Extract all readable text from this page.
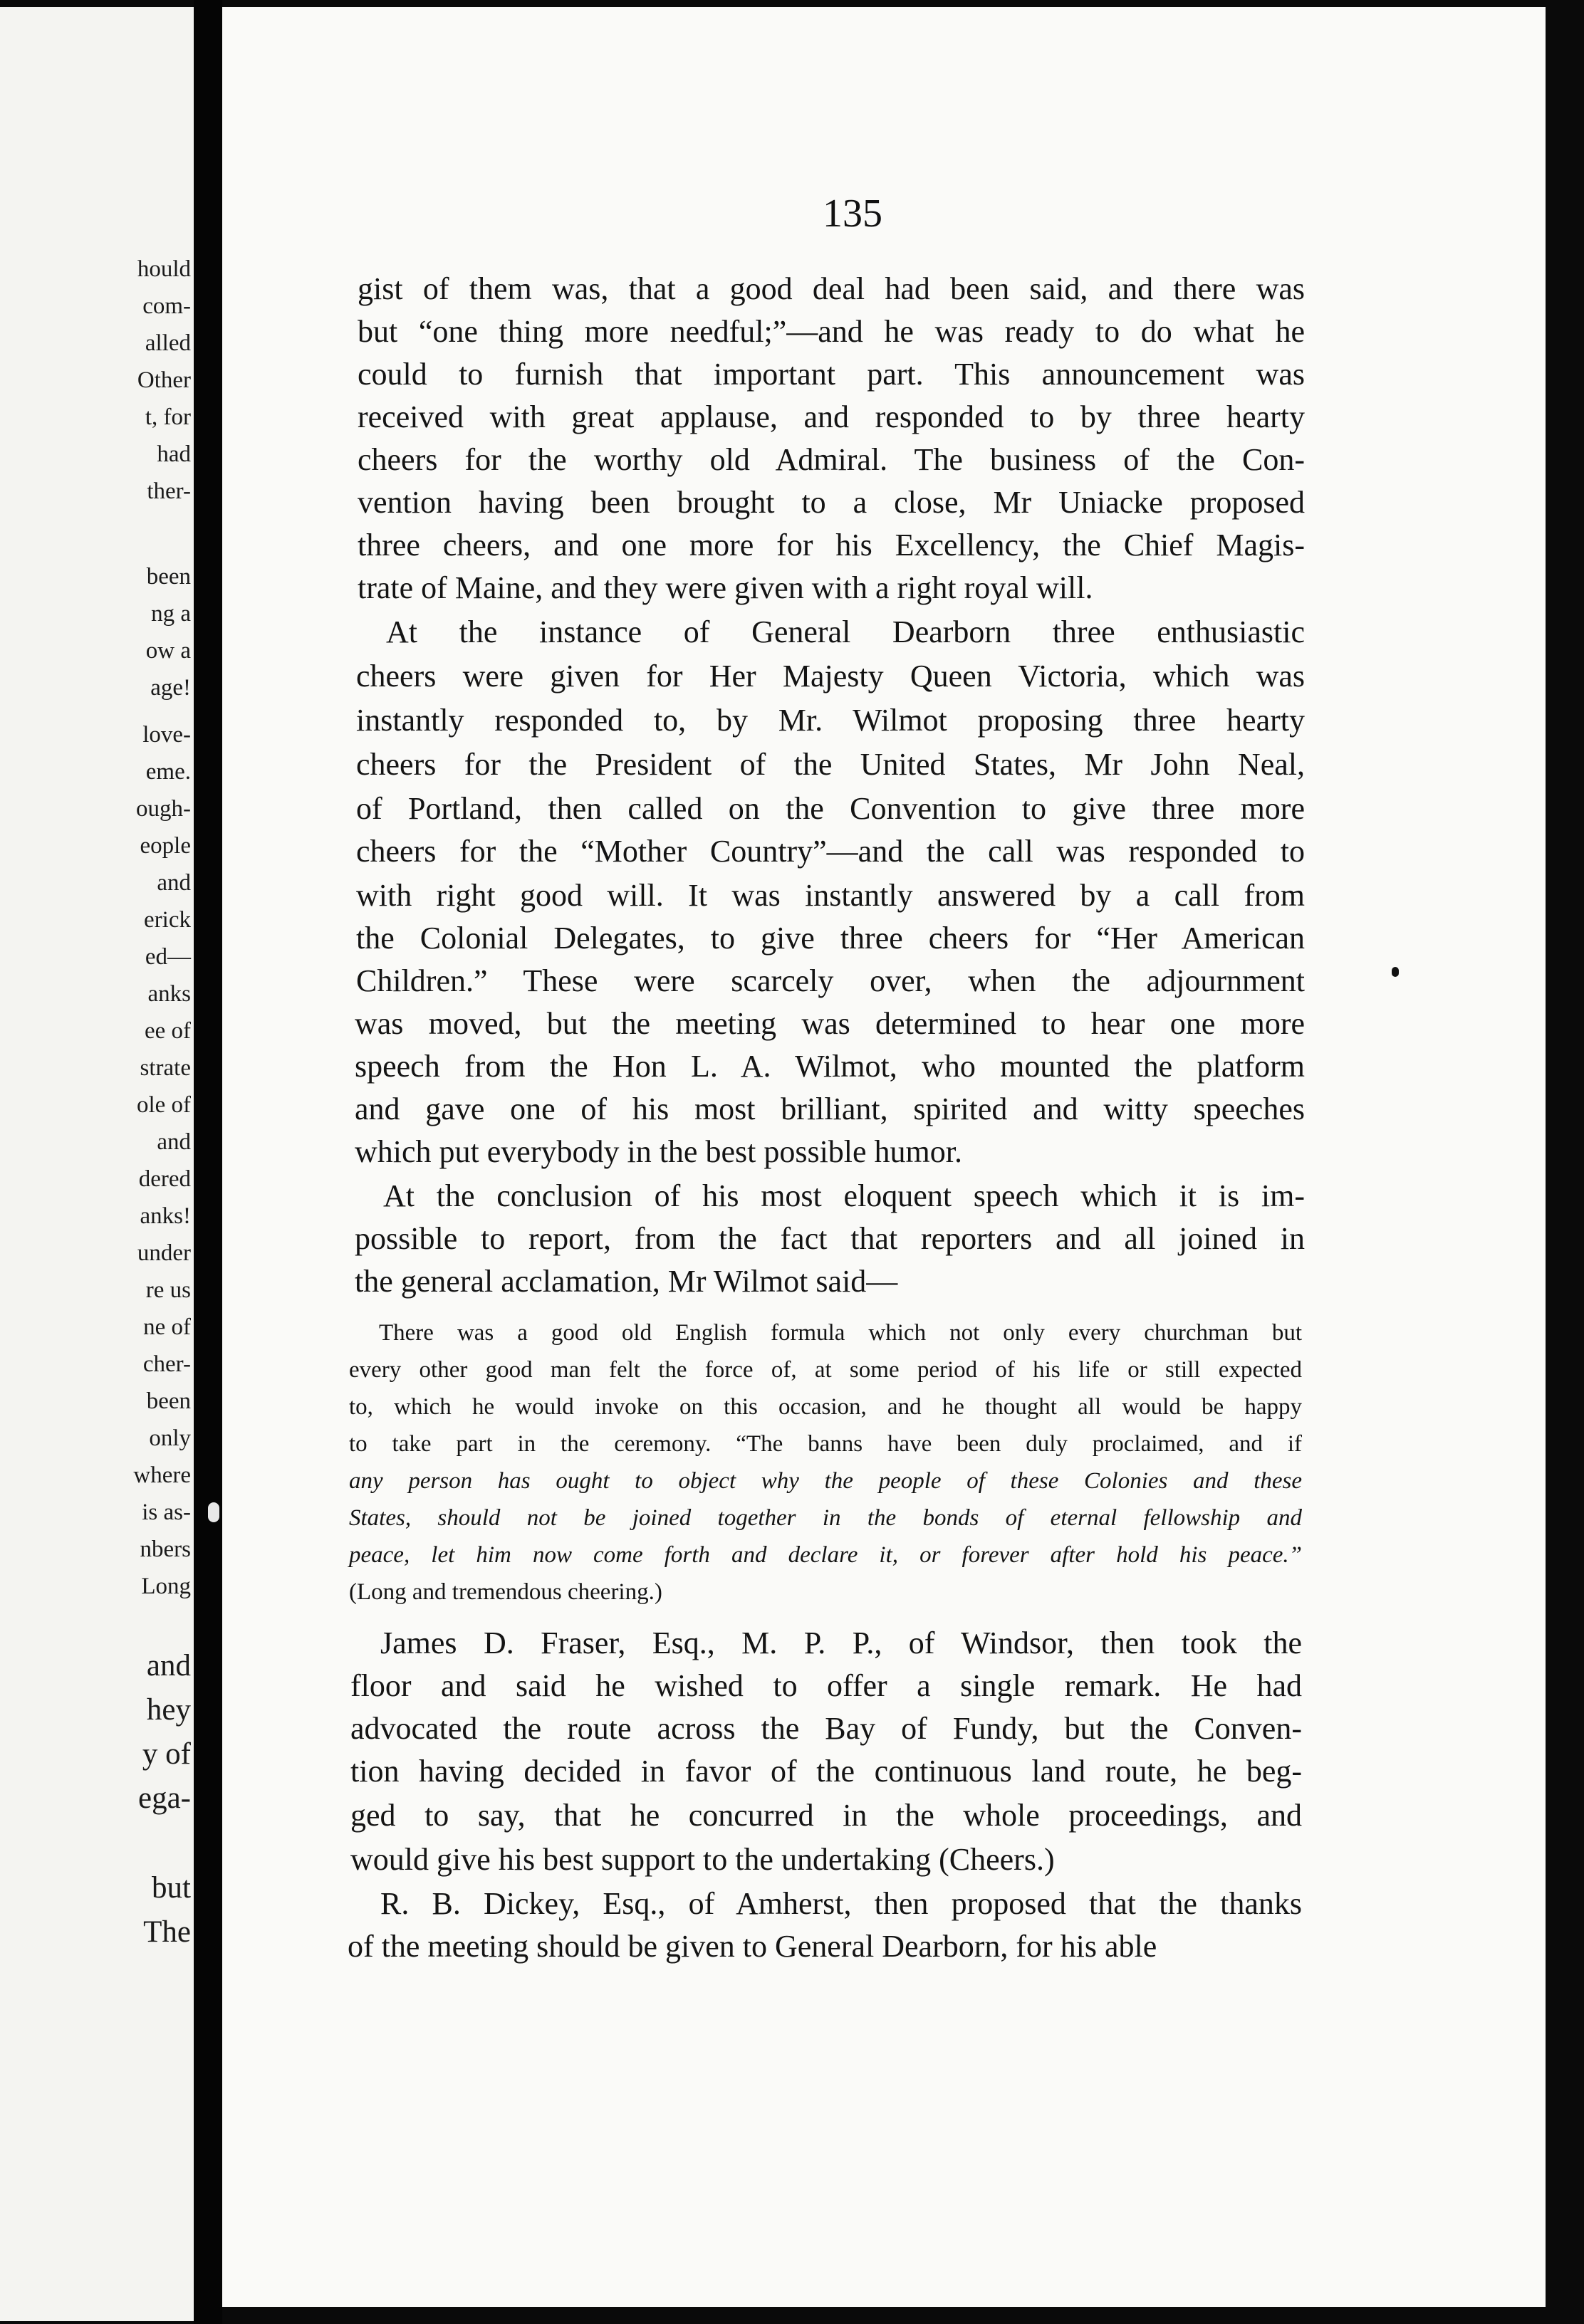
hould
com-
alled
Other
t, for
had
ther-
been
ng a
ow a
age!
love-
eme.
ough-
eople
and
erick
ed—
anks
ee of
strate
ole of
and
dered
anks!
under
re us
ne of
cher-
been
only
where
is as-
nbers
Long
and
hey
y of
ega-
but
The
135
gist of them was, that a good deal had been said, and there was
but “one thing more needful;”—and he was ready to do what he
could to furnish that important part. This announcement was
received with great applause, and responded to by three hearty
cheers for the worthy old Admiral. The business of the Con-
vention having been brought to a close, Mr Uniacke proposed
three cheers, and one more for his Excellency, the Chief Magis-
trate of Maine, and they were given with a right royal will.
At the instance of General Dearborn three enthusiastic
cheers were given for Her Majesty Queen Victoria, which was
instantly responded to, by Mr. Wilmot proposing three hearty
cheers for the President of the United States, Mr John Neal,
of Portland, then called on the Convention to give three more
cheers for the “Mother Country”—and the call was responded to
with right good will. It was instantly answered by a call from
the Colonial Delegates, to give three cheers for “Her American
Children.” These were scarcely over, when the adjournment
was moved, but the meeting was determined to hear one more
speech from the Hon L. A. Wilmot, who mounted the platform
and gave one of his most brilliant, spirited and witty speeches
which put everybody in the best possible humor.
At the conclusion of his most eloquent speech which it is im-
possible to report, from the fact that reporters and all joined in
the general acclamation, Mr Wilmot said—
There was a good old English formula which not only every churchman but
every other good man felt the force of, at some period of his life or still expected
to, which he would invoke on this occasion, and he thought all would be happy
to take part in the ceremony. “The banns have been duly proclaimed, and if
any person has ought to object why the people of these Colonies and these
States, should not be joined together in the bonds of eternal fellowship and
peace, let him now come forth and declare it, or forever after hold his peace.”
(Long and tremendous cheering.)
James D. Fraser, Esq., M. P. P., of Windsor, then took the
floor and said he wished to offer a single remark. He had
advocated the route across the Bay of Fundy, but the Conven-
tion having decided in favor of the continuous land route, he beg-
ged to say, that he concurred in the whole proceedings, and
would give his best support to the undertaking (Cheers.)
R. B. Dickey, Esq., of Amherst, then proposed that the thanks
of the meeting should be given to General Dearborn, for his able
